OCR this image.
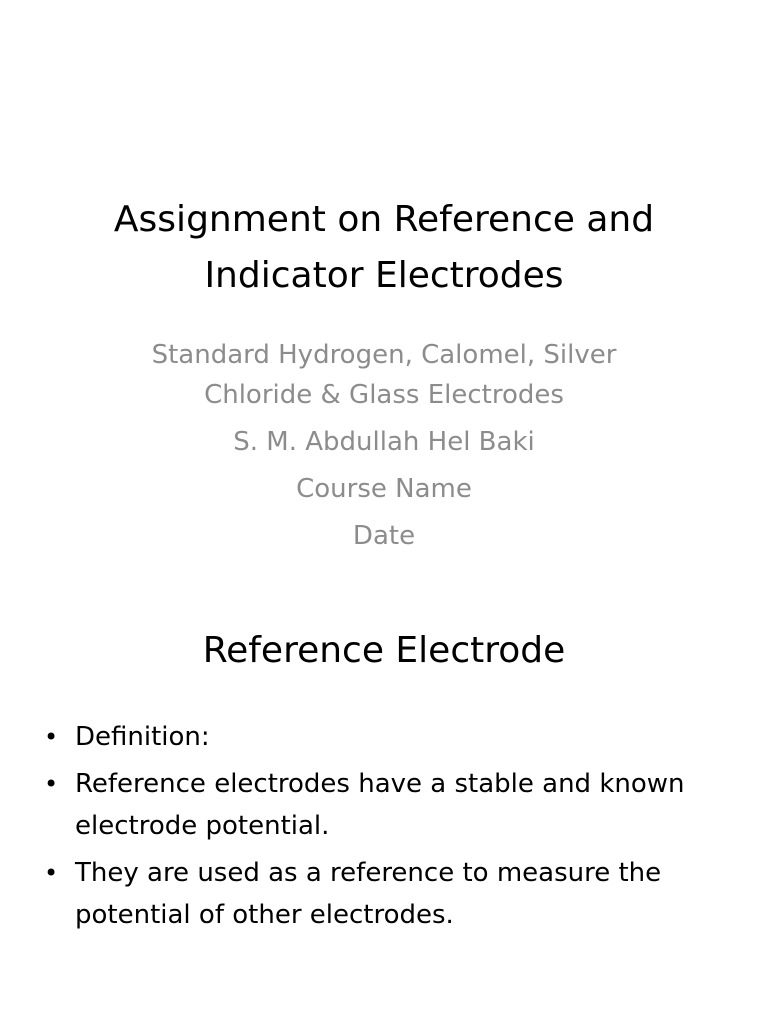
Assignment on Reference and Indicator Electrodes

Standard Hydrogen, Calomel, Silver Chloride & Glass Electrodes

S. M. Abdullah Hel Baki

Course Name

Date

Reference Electrode
• Definition:
• Reference electrodes have a stable and known electrode potential.
• They are used as a reference to measure the potential of other electrodes.
